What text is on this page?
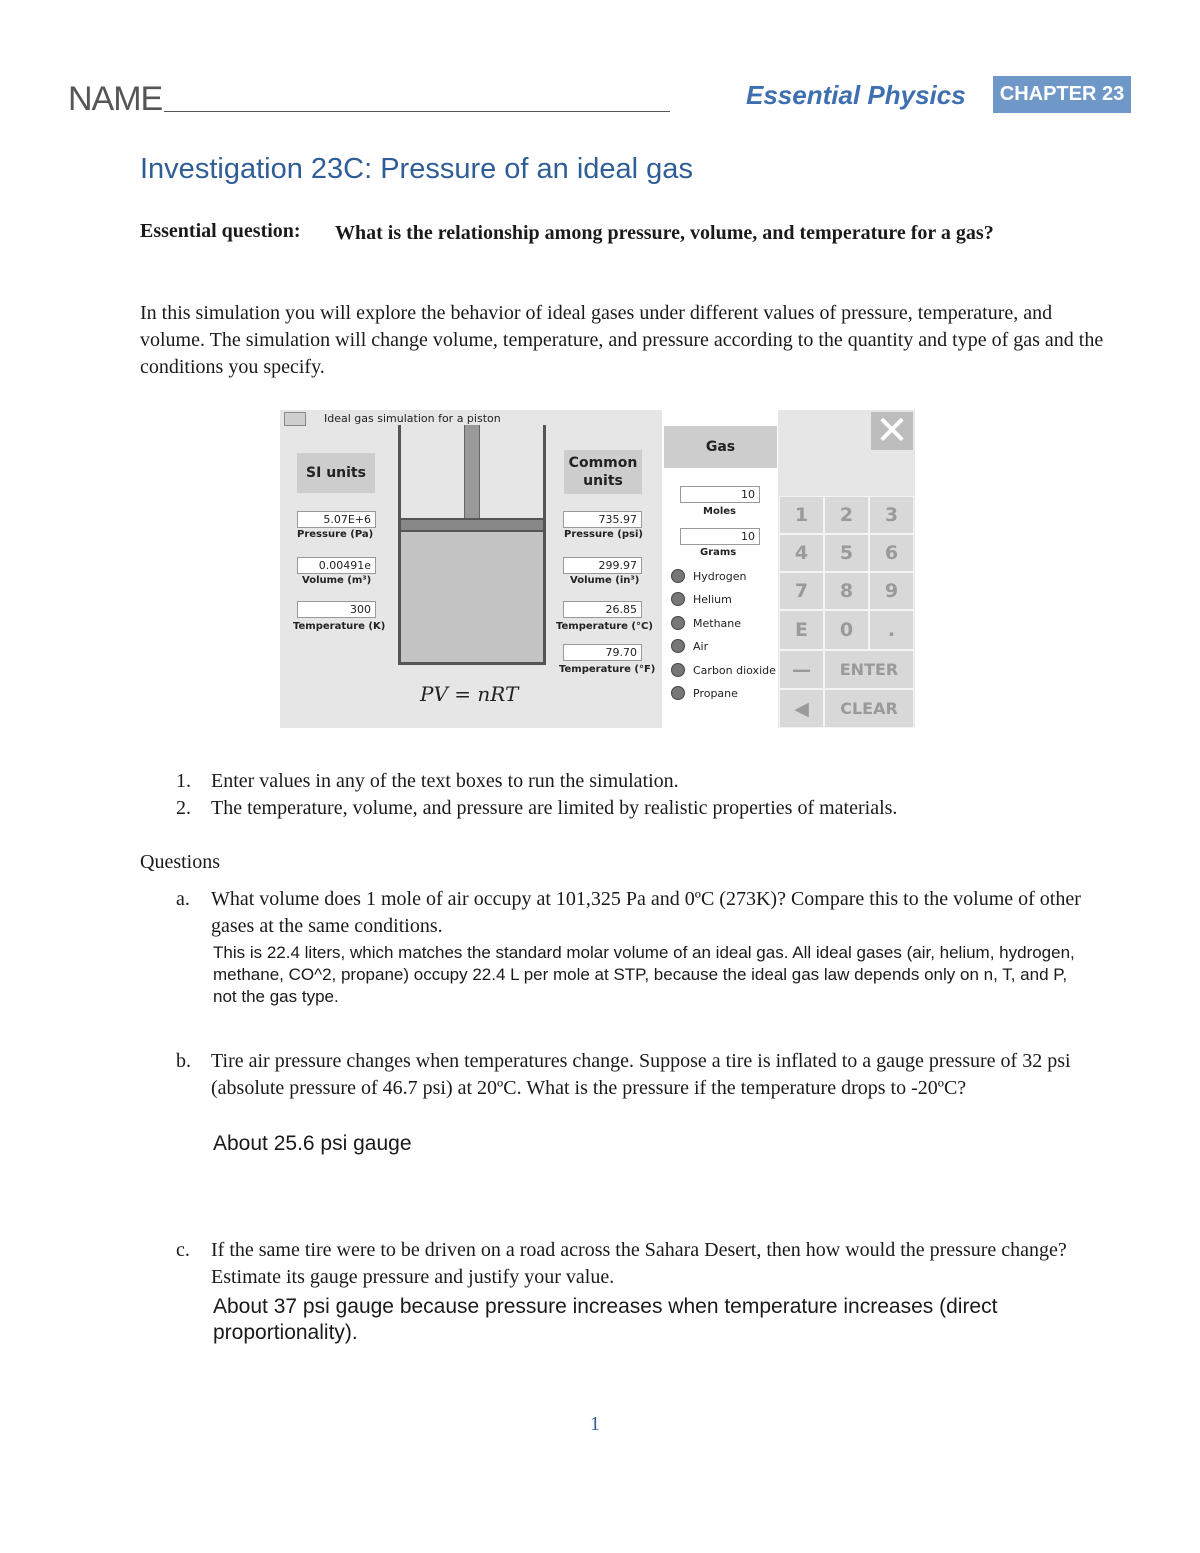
NAME	Essential Physics	CHAPTER 23
Investigation 23C: Pressure of an ideal gas
Essential question: What is the relationship among pressure, volume, and temperature for a gas?
In this simulation you will explore the behavior of ideal gases under different values of pressure, temperature, and volume. The simulation will change volume, temperature, and pressure according to the quantity and type of gas and the conditions you specify.
Ideal gas simulation for a piston	✕
SI units
5.07E+6
Pressure (Pa)
0.00491e
Volume (m³)
300
Temperature (K)
PV = nRT
Common units
735.97
Pressure (psi)
299.97
Volume (in³)
26.85
Temperature (°C)
79.70
Temperature (°F)
Gas
10
Moles
10
Grams
Hydrogen
Helium
Methane
Air
Carbon dioxide
Propane
1	2	3
4	5	6
7	8	9
E	0	.
—	ENTER
◀	CLEAR
1. Enter values in any of the text boxes to run the simulation.
2. The temperature, volume, and pressure are limited by realistic properties of materials.
Questions
a. What volume does 1 mole of air occupy at 101,325 Pa and 0ºC (273K)? Compare this to the volume of other gases at the same conditions.
This is 22.4 liters, which matches the standard molar volume of an ideal gas. All ideal gases (air, helium, hydrogen, methane, CO^2, propane) occupy 22.4 L per mole at STP, because the ideal gas law depends only on n, T, and P, not the gas type.
b. Tire air pressure changes when temperatures change. Suppose a tire is inflated to a gauge pressure of 32 psi (absolute pressure of 46.7 psi) at 20ºC. What is the pressure if the temperature drops to -20ºC?
About 25.6 psi gauge
c. If the same tire were to be driven on a road across the Sahara Desert, then how would the pressure change? Estimate its gauge pressure and justify your value.
About 37 psi gauge because pressure increases when temperature increases (direct proportionality).
1
